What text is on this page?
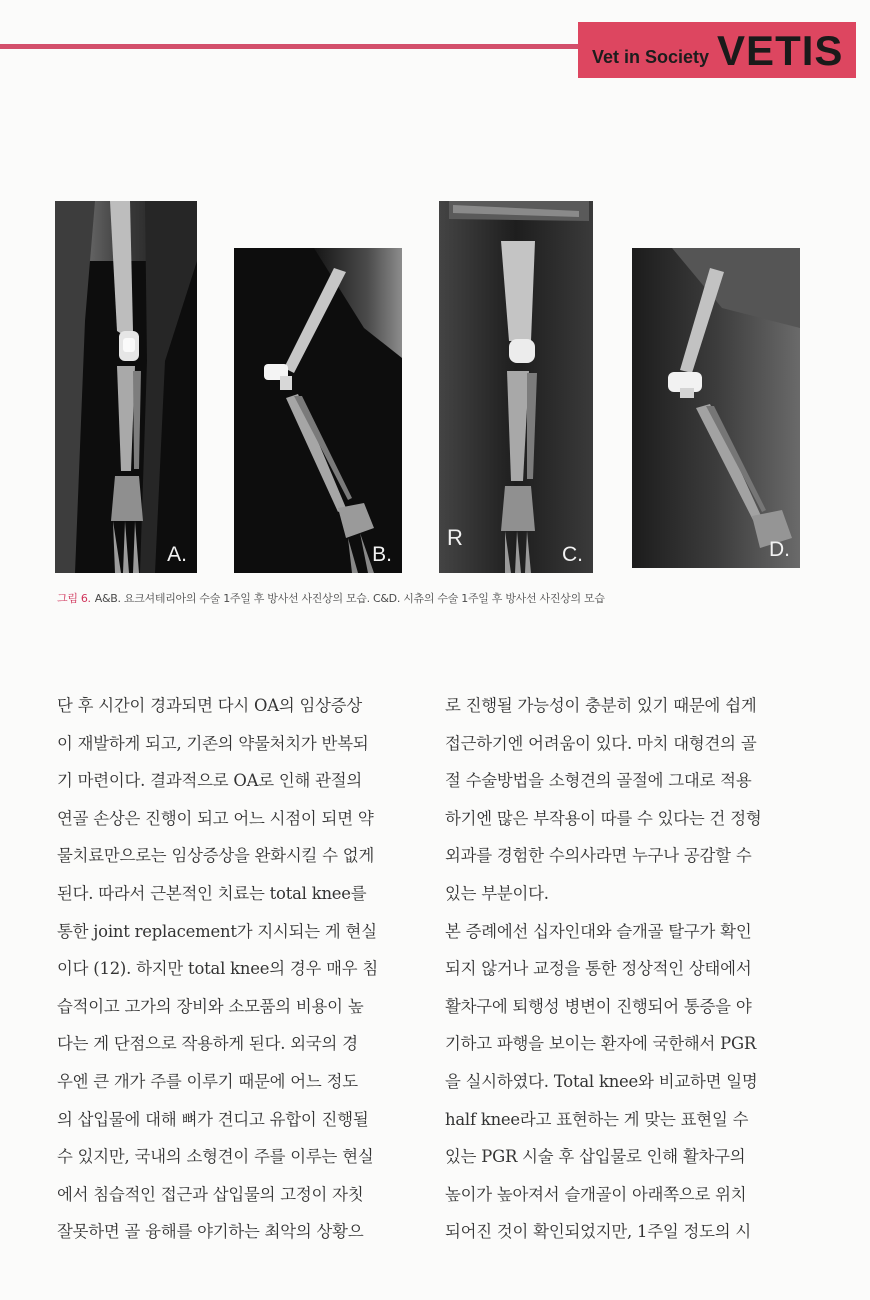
Vet in Society VETIS
A.	B.
R
C.	D.
그림 6. A&B. 요크셔테리아의 수술 1주일 후 방사선 사진상의 모습. C&D. 시츄의 수술 1주일 후 방사선 사진상의 모습

단 후 시간이 경과되면 다시 OA의 임상증상

이 재발하게 되고, 기존의 약물처치가 반복되

기 마련이다. 결과적으로 OA로 인해 관절의

연골 손상은 진행이 되고 어느 시점이 되면 약

물치료만으로는 임상증상을 완화시킬 수 없게

된다. 따라서 근본적인 치료는 total knee를

통한 joint replacement가 지시되는 게 현실

이다 (12). 하지만 total knee의 경우 매우 침

습적이고 고가의 장비와 소모품의 비용이 높

다는 게 단점으로 작용하게 된다. 외국의 경

우엔 큰 개가 주를 이루기 때문에 어느 정도

의 삽입물에 대해 뼈가 견디고 유합이 진행될

수 있지만, 국내의 소형견이 주를 이루는 현실

에서 침습적인 접근과 삽입물의 고정이 자칫

잘못하면 골 융해를 야기하는 최악의 상황으

로 진행될 가능성이 충분히 있기 때문에 쉽게

접근하기엔 어려움이 있다. 마치 대형견의 골

절 수술방법을 소형견의 골절에 그대로 적용

하기엔 많은 부작용이 따를 수 있다는 건 정형

외과를 경험한 수의사라면 누구나 공감할 수

있는 부분이다.

본 증례에선 십자인대와 슬개골 탈구가 확인

되지 않거나 교정을 통한 정상적인 상태에서

활차구에 퇴행성 병변이 진행되어 통증을 야

기하고 파행을 보이는 환자에 국한해서 PGR

을 실시하였다. Total knee와 비교하면 일명

half knee라고 표현하는 게 맞는 표현일 수

있는 PGR 시술 후 삽입물로 인해 활차구의

높이가 높아져서 슬개골이 아래쪽으로 위치

되어진 것이 확인되었지만, 1주일 정도의 시
